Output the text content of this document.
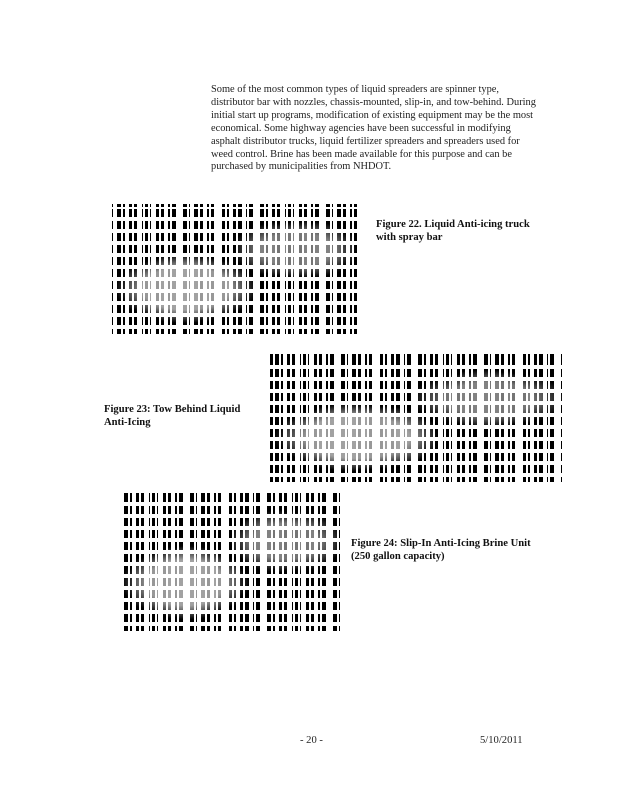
Some of the most common types of liquid spreaders are spinner type, distributor bar with nozzles, chassis-mounted, slip-in, and tow-behind. During initial start up programs, modification of existing equipment may be the most economical. Some highway agencies have been successful in modifying asphalt distributor trucks, liquid fertilizer spreaders and spreaders used for weed control. Brine has been made available for this purpose and can be purchased by municipalities from NHDOT.
Figure 22. Liquid Anti-icing truck with spray bar
Figure 23: Tow Behind Liquid Anti-Icing
Figure 24: Slip-In Anti-Icing Brine Unit (250 gallon capacity)
- 20 -	5/10/2011
